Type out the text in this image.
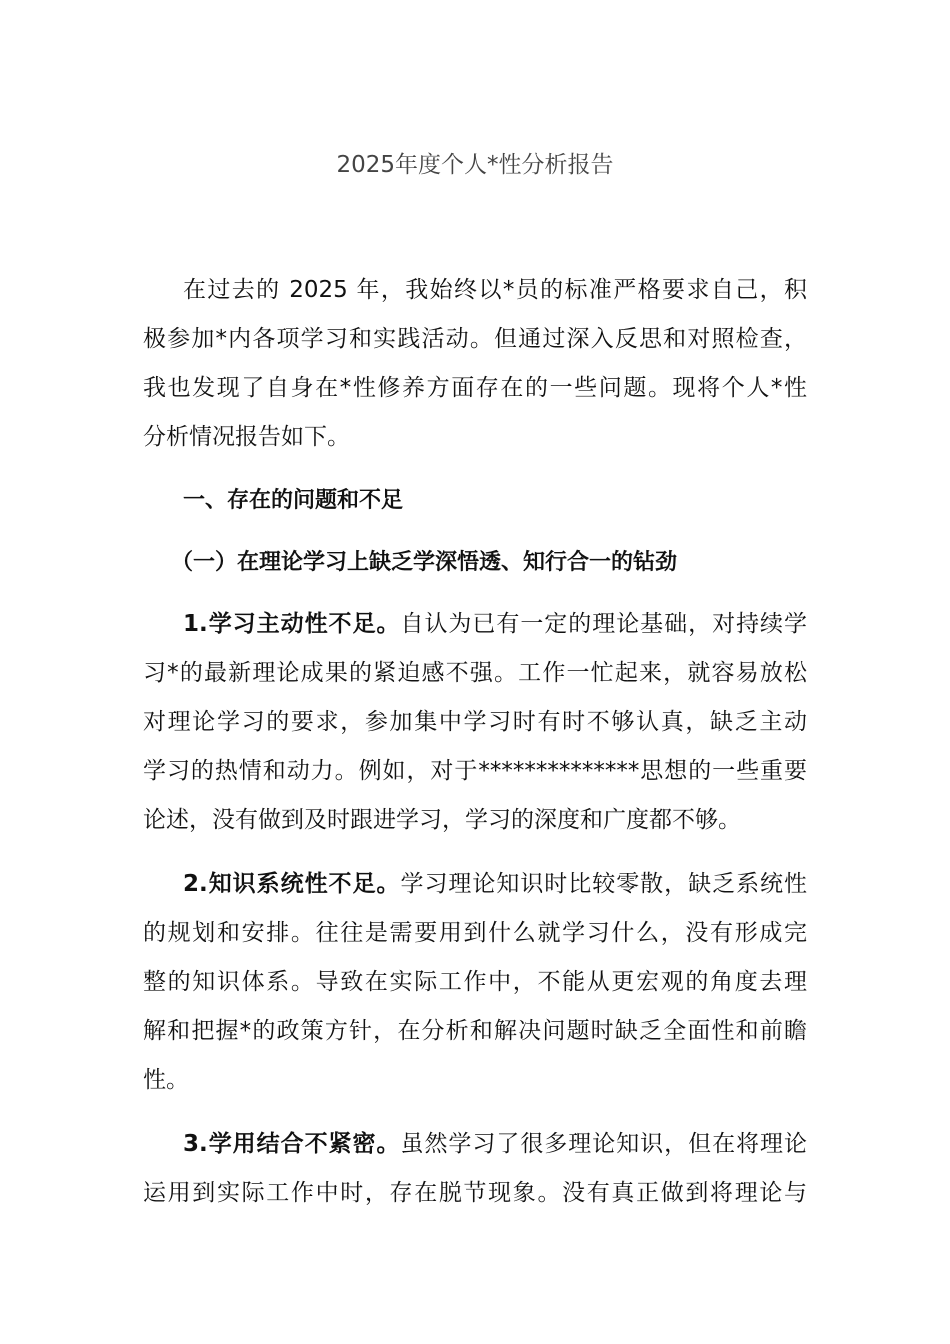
2025年度个人*性分析报告
在过去的 2025 年，我始终以*员的标准严格要求自己，积
极参加*内各项学习和实践活动。但通过深入反思和对照检查，
我也发现了自身在*性修养方面存在的一些问题。现将个人*性
分析情况报告如下。
一、存在的问题和不足
（一）在理论学习上缺乏学深悟透、知行合一的钻劲
1.学习主动性不足。自认为已有一定的理论基础，对持续学
习*的最新理论成果的紧迫感不强。工作一忙起来，就容易放松
对理论学习的要求，参加集中学习时有时不够认真，缺乏主动
学习的热情和动力。例如，对于**************思想的一些重要
论述，没有做到及时跟进学习，学习的深度和广度都不够。
2.知识系统性不足。学习理论知识时比较零散，缺乏系统性
的规划和安排。往往是需要用到什么就学习什么，没有形成完
整的知识体系。导致在实际工作中，不能从更宏观的角度去理
解和把握*的政策方针，在分析和解决问题时缺乏全面性和前瞻
性。
3.学用结合不紧密。虽然学习了很多理论知识，但在将理论
运用到实际工作中时，存在脱节现象。没有真正做到将理论与
